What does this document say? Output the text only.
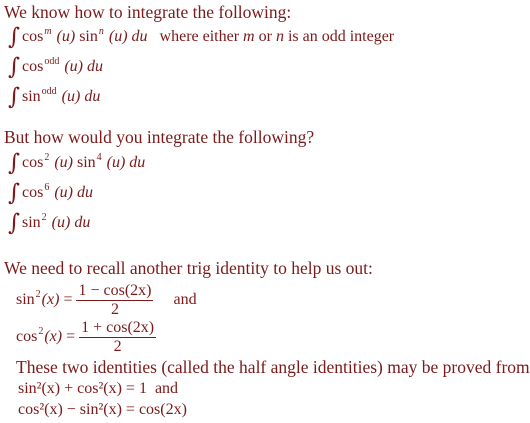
We know how to integrate the following:
∫ $\cos^m (u)$ $\sin^n (u)$ du where either m or n is an odd integer
∫ $\cos^{odd} (u)$ du
∫ $\sin^{odd} (u)$ du
But how would you integrate the following?
∫ $\cos^2 (u)$ $\sin^4 (u)$ du
∫ $\cos^6 (u)$ du
∫ $\sin^2 (u)$ du
We need to recall another trig identity to help us out:
$\sin^2(x) = \frac{1 - \cos(2x)}{2}$ and
$\cos^2(x) = \frac{1 + \cos(2x)}{2}$
These two identities (called the half angle identities) may be proved from
sin²(x) + cos²(x) = 1 and
cos²(x) − sin²(x) = cos(2x)
